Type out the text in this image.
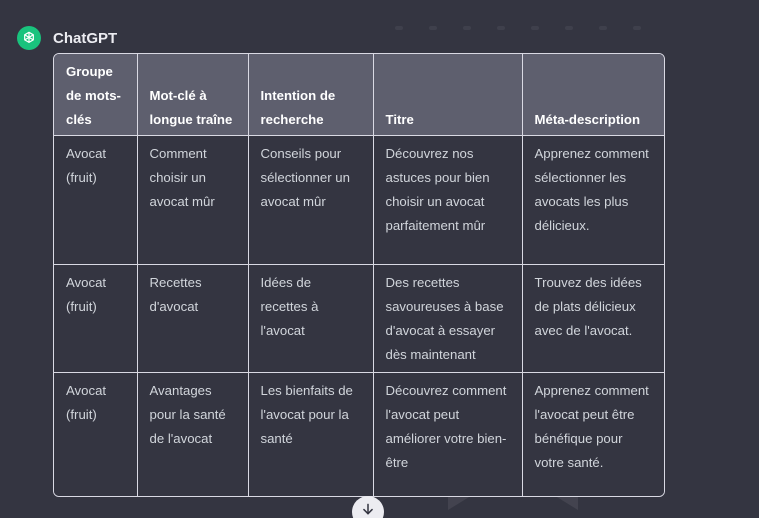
ChatGPT
Groupe de mots-clés	Mot-clé à longue traîne	Intention de recherche	Titre	Méta-description
Avocat (fruit)	Comment choisir un avocat mûr	Conseils pour sélectionner un avocat mûr	Découvrez nos astuces pour bien choisir un avocat parfaitement mûr	Apprenez comment sélectionner les avocats les plus délicieux.
Avocat (fruit)	Recettes d'avocat	Idées de recettes à l'avocat	Des recettes savoureuses à base d'avocat à essayer dès maintenant	Trouvez des idées de plats délicieux avec de l'avocat.
Avocat (fruit)	Avantages pour la santé de l'avocat	Les bienfaits de l'avocat pour la santé	Découvrez comment l'avocat peut améliorer votre bien-être	Apprenez comment l'avocat peut être bénéfique pour votre santé.
